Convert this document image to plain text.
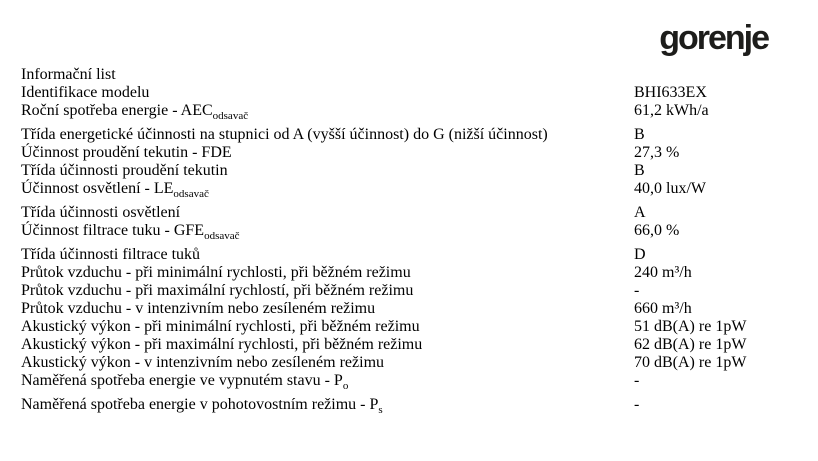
gorenje
Informační list
Identifikace modelu	BHI633EX
Roční spotřeba energie - $AEC_{odsavač}$	61,2 kWh/a
Třída energetické účinnosti na stupnici od A (vyšší účinnost) do G (nižší účinnost)	B
Účinnost proudění tekutin - FDE	27,3 %
Třída účinnosti proudění tekutin	B
Účinnost osvětlení - $LE_{odsavač}$	40,0 lux/W
Třída účinnosti osvětlení	A
Účinnost filtrace tuku - $GFE_{odsavač}$	66,0 %
Třída účinnosti filtrace tuků	D
Průtok vzduchu - při minimální rychlosti, při běžném režimu	240 m³/h
Průtok vzduchu - při maximální rychlostí, při běžném režimu	-
Průtok vzduchu - v intenzivním nebo zesíleném režimu	660 m³/h
Akustický výkon - při minimální rychlosti, při běžném režimu	51 dB(A) re 1pW
Akustický výkon - při maximální rychlosti, při běžném režimu	62 dB(A) re 1pW
Akustický výkon - v intenzivním nebo zesíleném režimu	70 dB(A) re 1pW
Naměřená spotřeba energie ve vypnutém stavu - $P_o$	-
Naměřená spotřeba energie v pohotovostním režimu - $P_s$	-
